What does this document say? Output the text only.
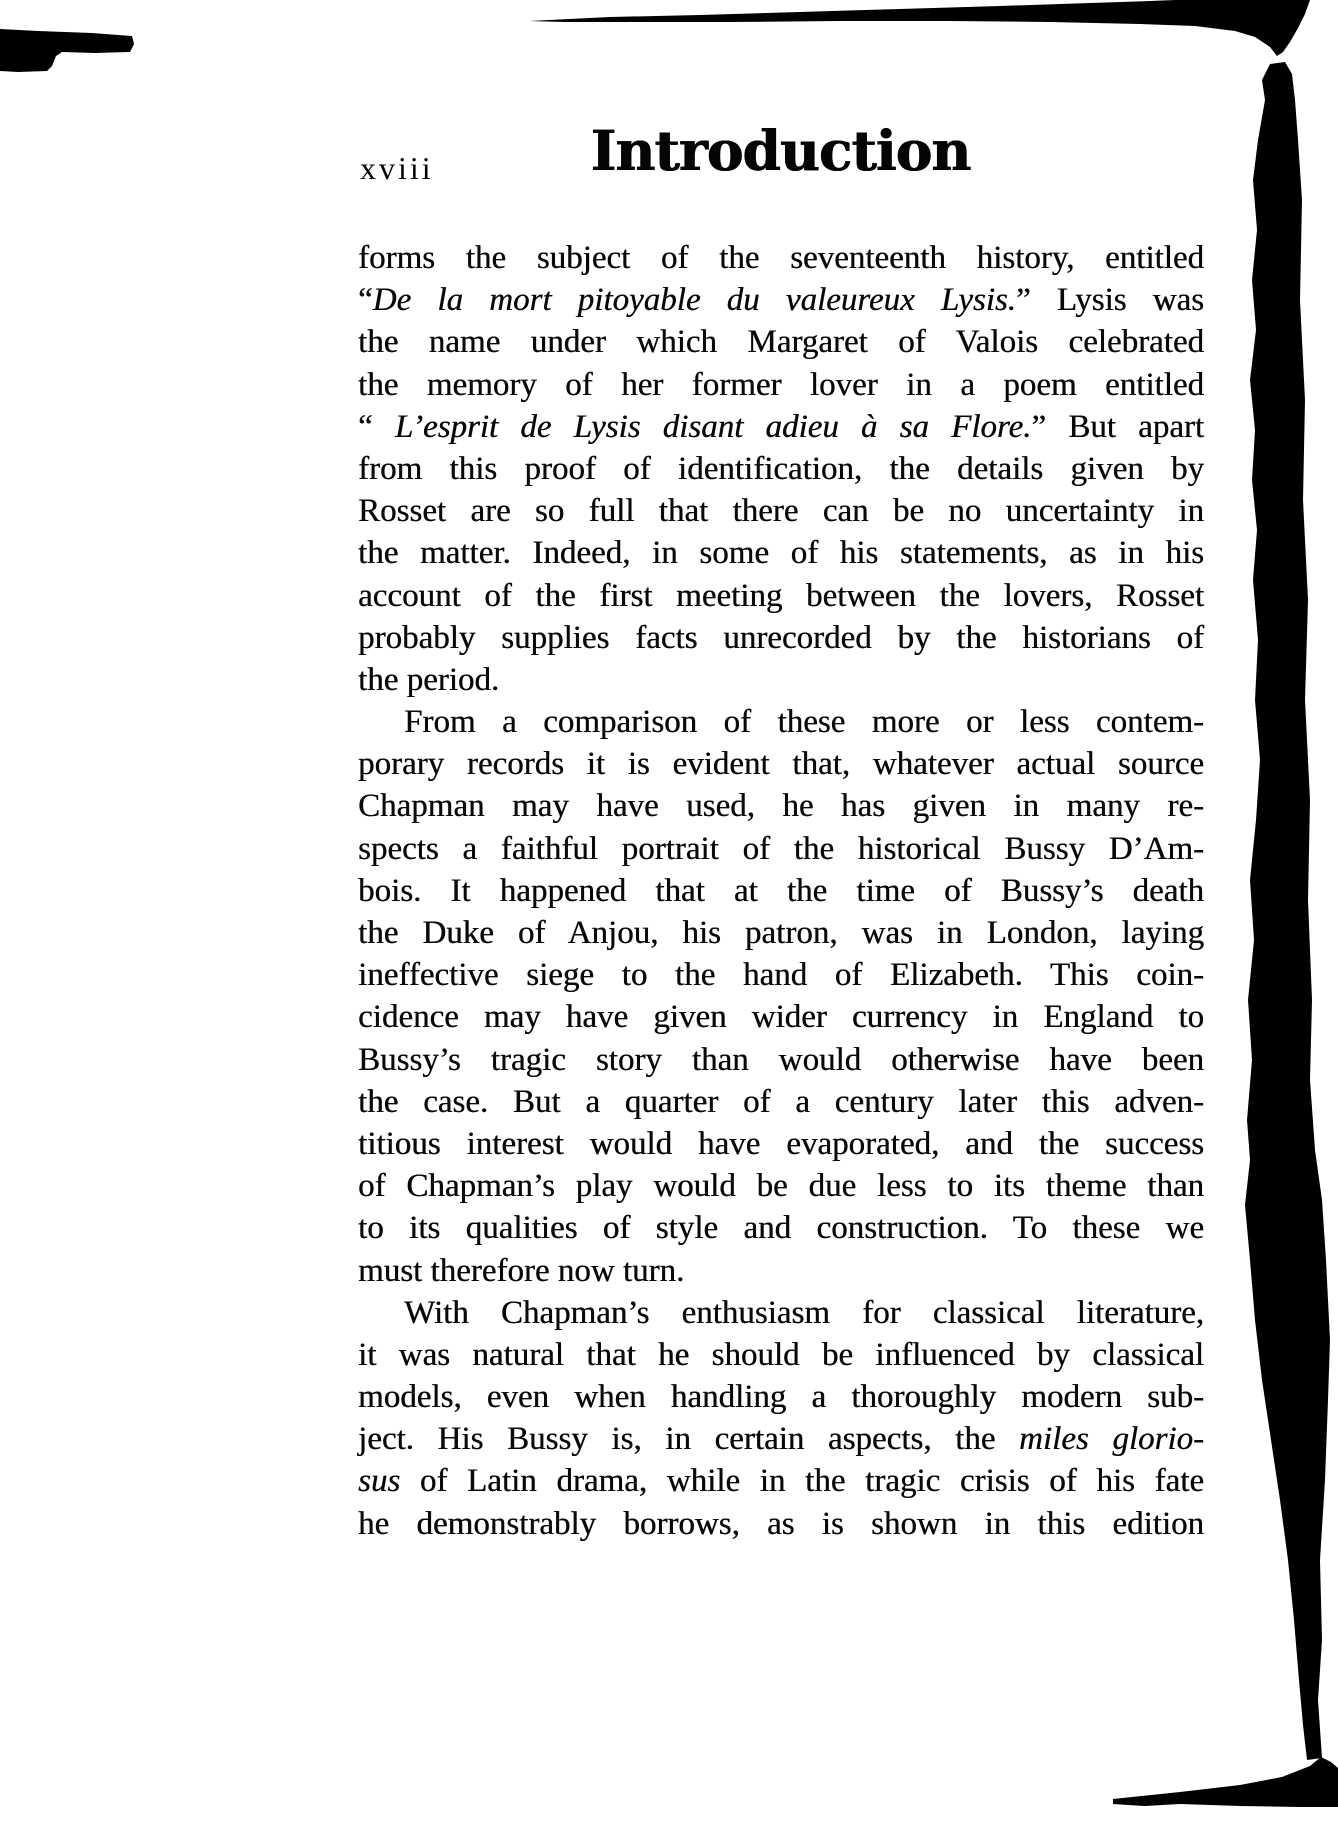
xviii	Introduction
forms the subject of the seventeenth history, entitled
“De la mort pitoyable du valeureux Lysis.” Lysis was
the name under which Margaret of Valois celebrated
the memory of her former lover in a poem entitled
“ L’esprit de Lysis disant adieu à sa Flore.” But apart
from this proof of identification, the details given by
Rosset are so full that there can be no uncertainty in
the matter. Indeed, in some of his statements, as in his
account of the first meeting between the lovers, Rosset
probably supplies facts unrecorded by the historians of
the period.
From a comparison of these more or less contem-
porary records it is evident that, whatever actual source
Chapman may have used, he has given in many re-
spects a faithful portrait of the historical Bussy D’Am-
bois. It happened that at the time of Bussy’s death
the Duke of Anjou, his patron, was in London, laying
ineffective siege to the hand of Elizabeth. This coin-
cidence may have given wider currency in England to
Bussy’s tragic story than would otherwise have been
the case. But a quarter of a century later this adven-
titious interest would have evaporated, and the success
of Chapman’s play would be due less to its theme than
to its qualities of style and construction. To these we
must therefore now turn.
With Chapman’s enthusiasm for classical literature,
it was natural that he should be influenced by classical
models, even when handling a thoroughly modern sub-
ject. His Bussy is, in certain aspects, the miles glorio-
sus of Latin drama, while in the tragic crisis of his fate
he demonstrably borrows, as is shown in this edition
